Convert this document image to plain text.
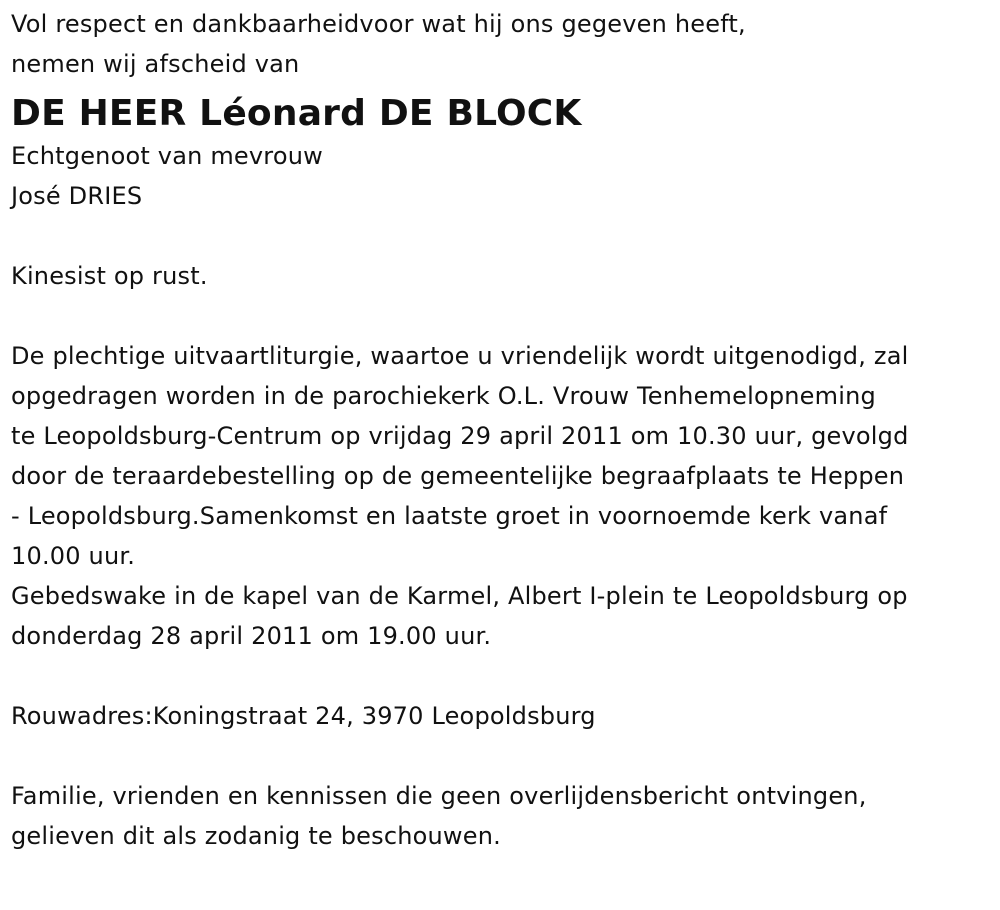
Vol respect en dankbaarheidvoor wat hij ons gegeven heeft,
nemen wij afscheid van
DE HEER Léonard DE BLOCK
Echtgenoot van mevrouw
José DRIES
Kinesist op rust.
De plechtige uitvaartliturgie, waartoe u vriendelijk wordt uitgenodigd, zal
opgedragen worden in de parochiekerk O.L. Vrouw Tenhemelopneming
te Leopoldsburg-Centrum op vrijdag 29 april 2011 om 10.30 uur, gevolgd
door de teraardebestelling op de gemeentelijke begraafplaats te Heppen
- Leopoldsburg.Samenkomst en laatste groet in voornoemde kerk vanaf
10.00 uur.
Gebedswake in de kapel van de Karmel, Albert I-plein te Leopoldsburg op
donderdag 28 april 2011 om 19.00 uur.
Rouwadres:Koningstraat 24, 3970 Leopoldsburg
Familie, vrienden en kennissen die geen overlijdensbericht ontvingen,
gelieven dit als zodanig te beschouwen.
